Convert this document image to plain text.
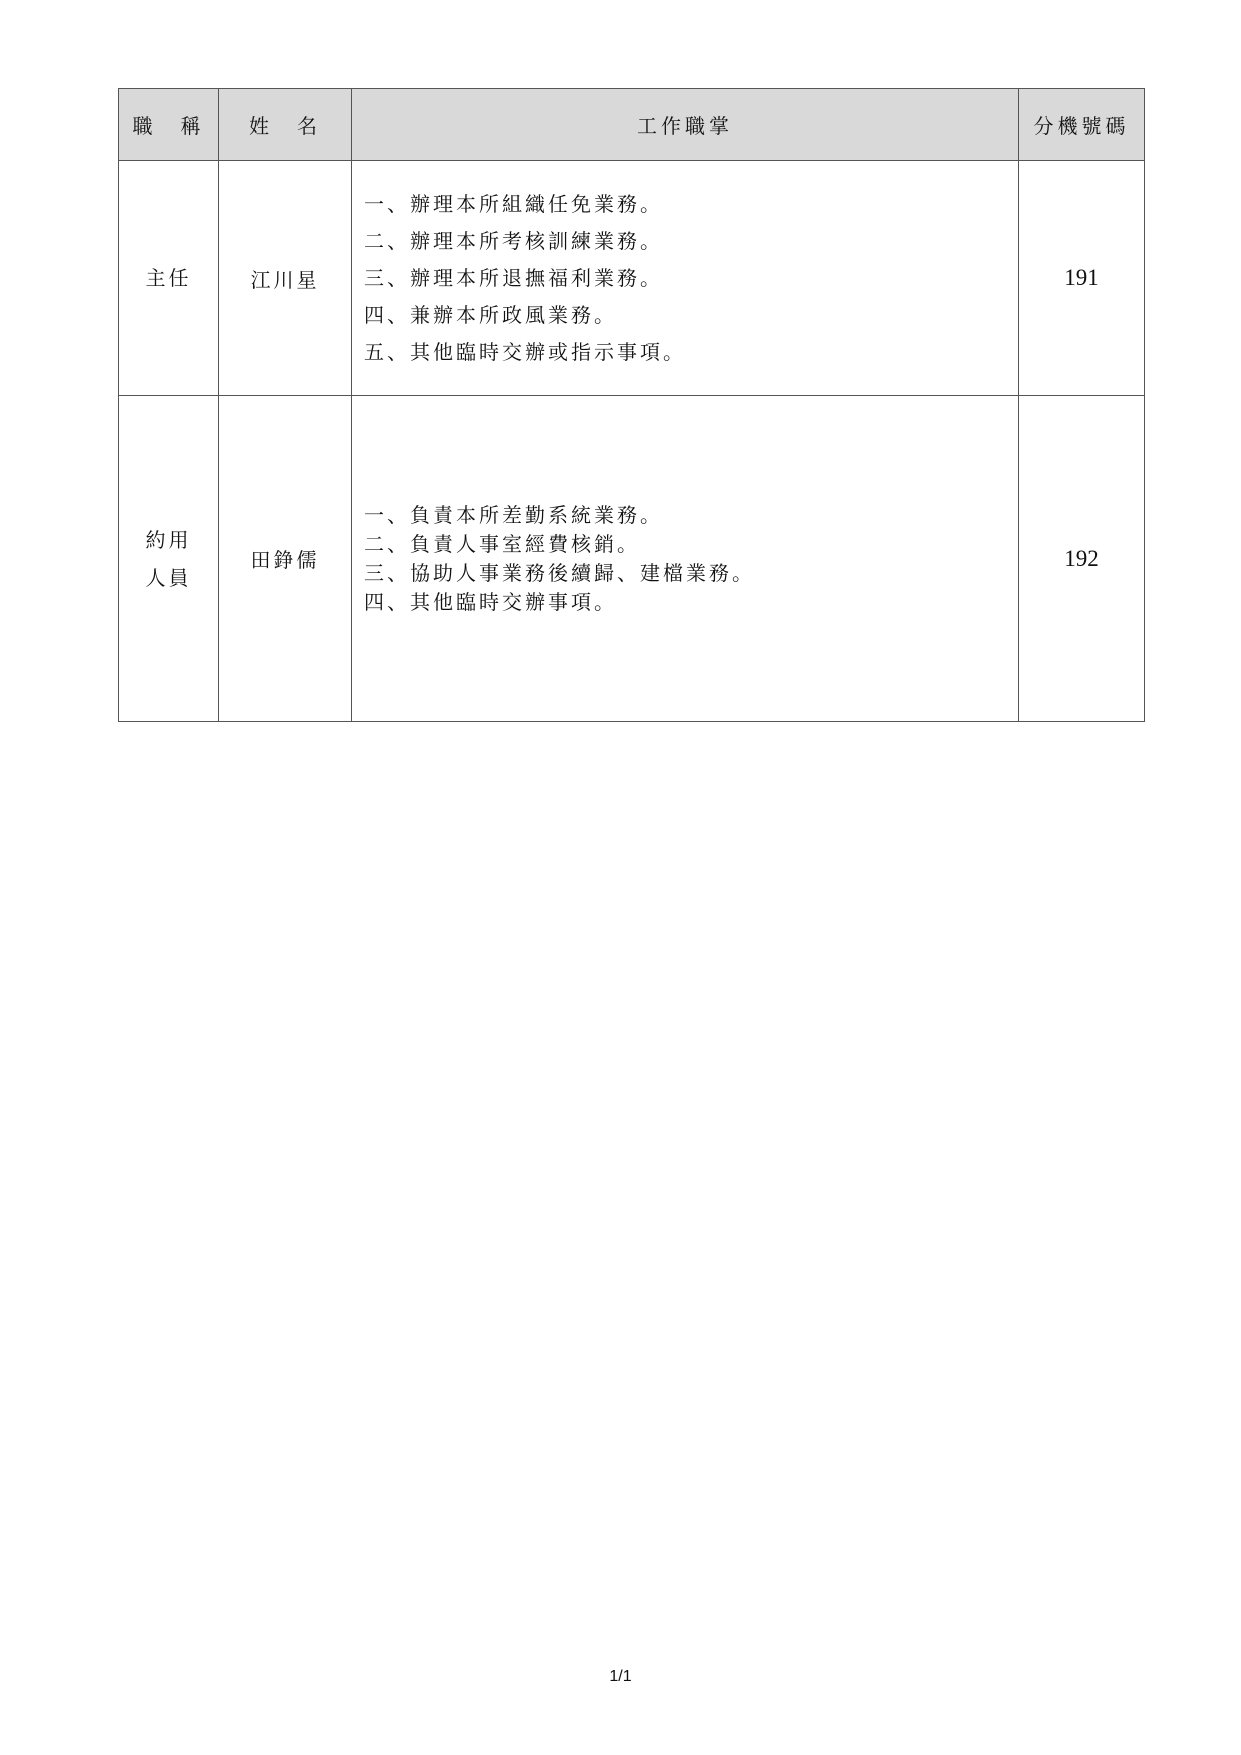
職　稱	姓　名	工作職掌	分機號碼

主任	江川星	一、辦理本所組織任免業務。
二、辦理本所考核訓練業務。
三、辦理本所退撫福利業務。
四、兼辦本所政風業務。
五、其他臨時交辦或指示事項。	191

約用
人員	田錚儒	一、負責本所差勤系統業務。
二、負責人事室經費核銷。
三、協助人事業務後續歸、建檔業務。
四、其他臨時交辦事項。	192
1/1
